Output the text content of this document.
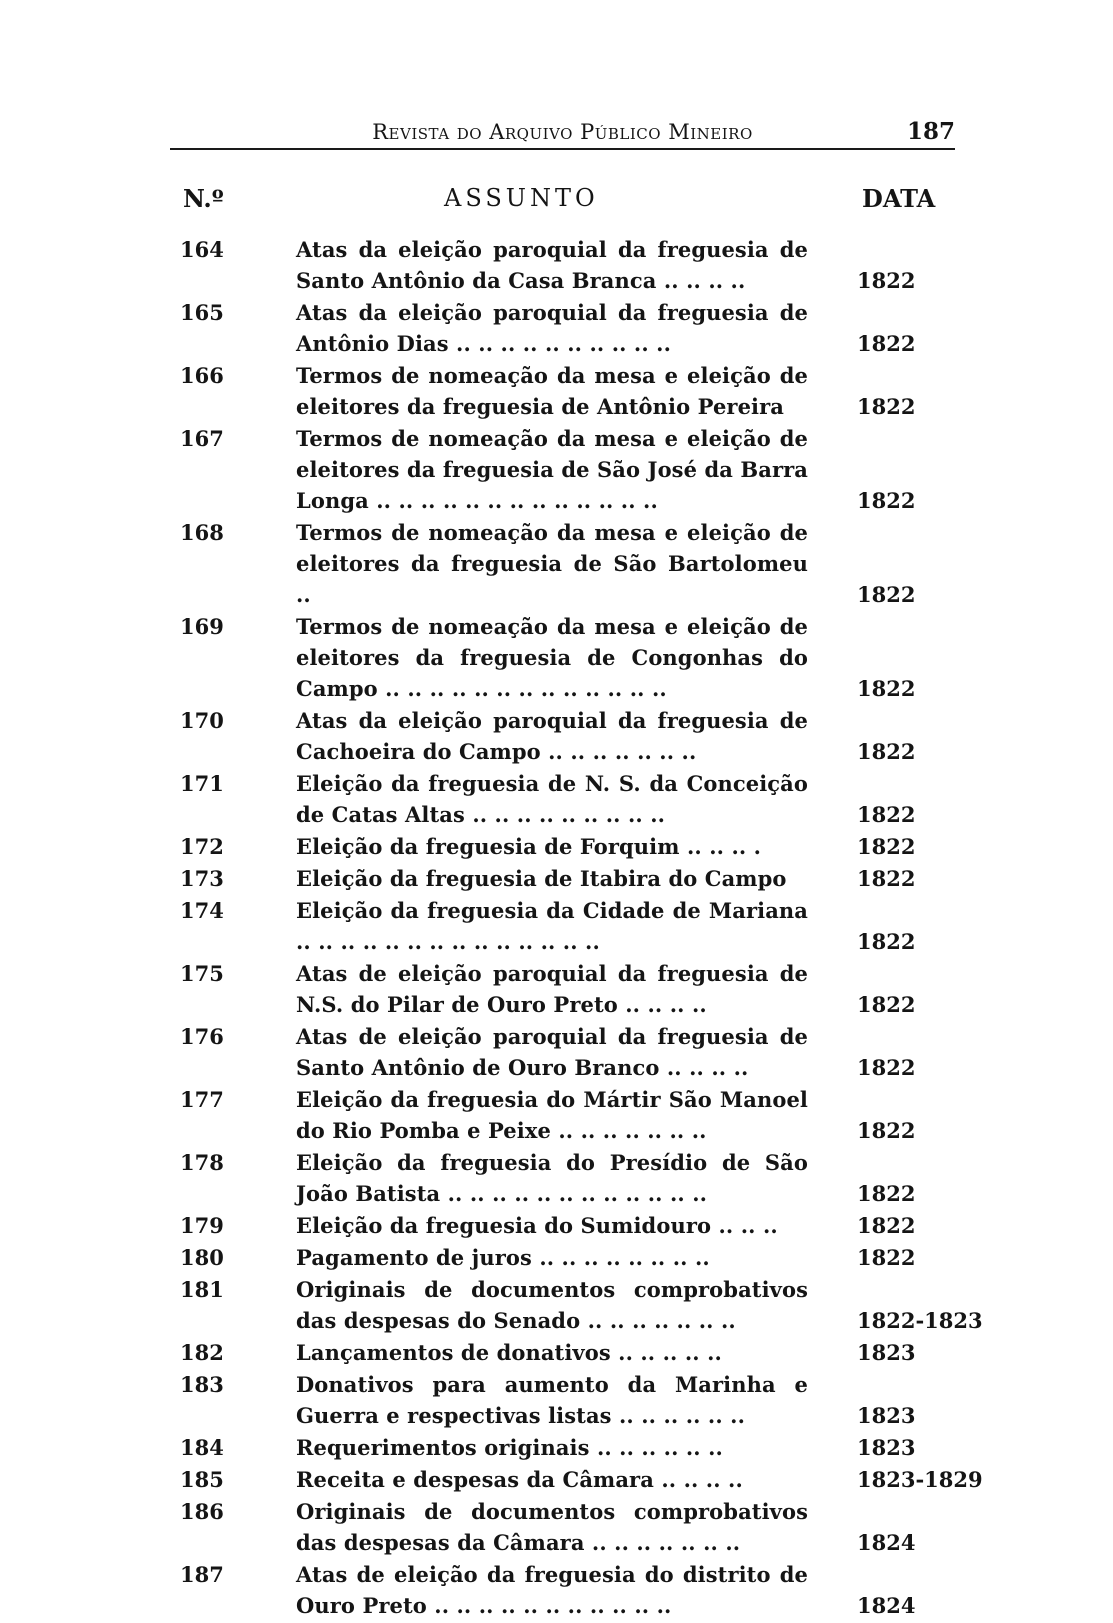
Revista do Arquivo Público Mineiro	187
N.º	ASSUNTO	DATA
164	Atas da eleição paroquial da freguesia de Santo Antônio da Casa Branca .. .. .. ..	1822
165	Atas da eleição paroquial da freguesia de Antônio Dias .. .. .. .. .. .. .. .. .. ..	1822
166	Termos de nomeação da mesa e eleição de eleitores da freguesia de Antônio Pereira	1822
167	Termos de nomeação da mesa e eleição de eleitores da freguesia de São José da Barra Longa .. .. .. .. .. .. .. .. .. .. .. .. ..	1822
168	Termos de nomeação da mesa e eleição de eleitores da freguesia de São Bartolomeu ..	1822
169	Termos de nomeação da mesa e eleição de eleitores da freguesia de Congonhas do Campo .. .. .. .. .. .. .. .. .. .. .. .. ..	1822
170	Atas da eleição paroquial da freguesia de Cachoeira do Campo .. .. .. .. .. .. ..	1822
171	Eleição da freguesia de N. S. da Conceição de Catas Altas .. .. .. .. .. .. .. .. ..	1822
172	Eleição da freguesia de Forquim .. .. .. .	1822
173	Eleição da freguesia de Itabira do Campo	1822
174	Eleição da freguesia da Cidade de Mariana .. .. .. .. .. .. .. .. .. .. .. .. .. ..	1822
175	Atas de eleição paroquial da freguesia de N.S. do Pilar de Ouro Preto .. .. .. ..	1822
176	Atas de eleição paroquial da freguesia de Santo Antônio de Ouro Branco .. .. .. ..	1822
177	Eleição da freguesia do Mártir São Manoel do Rio Pomba e Peixe .. .. .. .. .. .. ..	1822
178	Eleição da freguesia do Presídio de São João Batista .. .. .. .. .. .. .. .. .. .. .. ..	1822
179	Eleição da freguesia do Sumidouro .. .. ..	1822
180	Pagamento de juros .. .. .. .. .. .. .. ..	1822
181	Originais de documentos comprobativos das despesas do Senado .. .. .. .. .. .. ..	1822-1823
182	Lançamentos de donativos .. .. .. .. ..	1823
183	Donativos para aumento da Marinha e Guerra e respectivas listas .. .. .. .. .. ..	1823
184	Requerimentos originais .. .. .. .. .. ..	1823
185	Receita e despesas da Câmara .. .. .. ..	1823-1829
186	Originais de documentos comprobativos das despesas da Câmara .. .. .. .. .. .. ..	1824
187	Atas de eleição da freguesia do distrito de Ouro Preto .. .. .. .. .. .. .. .. .. .. ..	1824
